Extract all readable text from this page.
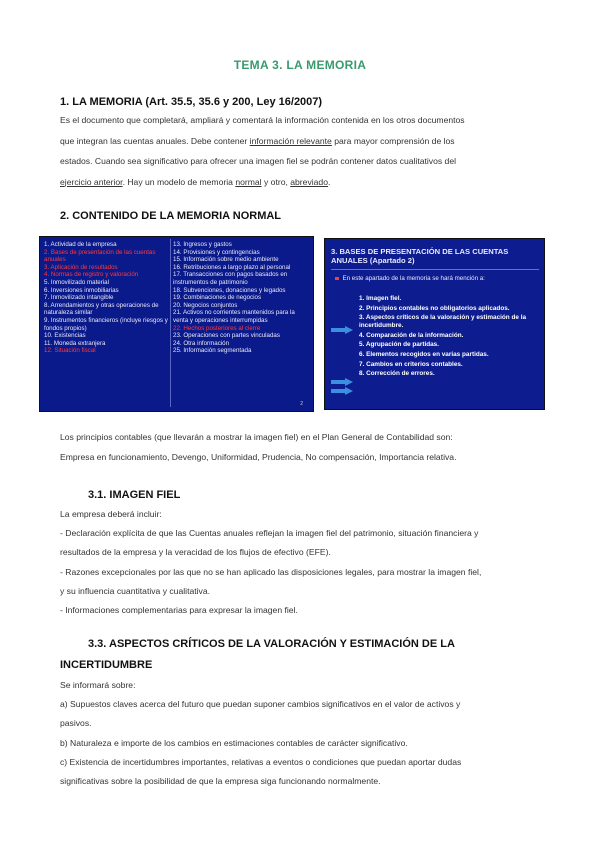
TEMA 3. LA MEMORIA
1. LA MEMORIA (Art. 35.5, 35.6 y 200, Ley 16/2007)
Es el documento que completará, ampliará y comentará la información contenida en los otros documentos
que integran las cuentas anuales. Debe contener información relevante para mayor comprensión de los
estados. Cuando sea significativo para ofrecer una imagen fiel se podrán contener datos cualitativos del
ejercicio anterior. Hay un modelo de memoria normal y otro, abreviado.
2. CONTENIDO DE LA MEMORIA NORMAL
1. Actividad de la empresa
2. Bases de presentación de las cuentas anuales
3. Aplicación de resultados
4. Normas de registro y valoración
5. Inmovilizado material
6. Inversiones inmobiliarias
7. Inmovilizado intangible
8. Arrendamientos y otras operaciones de naturaleza similar
9. Instrumentos financieros (incluye riesgos y fondos propios)
10. Existencias
11. Moneda extranjera
12. Situación fiscal
13. Ingresos y gastos
14. Provisiones y contingencias
15. Información sobre medio ambiente
16. Retribuciones a largo plazo al personal
17. Transacciones con pagos basados en instrumentos de patrimonio
18. Subvenciones, donaciones y legados
19. Combinaciones de negocios
20. Negocios conjuntos
21. Activos no corrientes mantenidos para la venta y operaciones interrumpidas
22. Hechos posteriores al cierre
23. Operaciones con partes vinculadas
24. Otra información
25. Información segmentada
2
3. BASES DE PRESENTACIÓN DE LAS CUENTAS ANUALES (Apartado 2)
En este apartado de la memoria se hará mención a:
1. Imagen fiel.
2. Principios contables no obligatorios aplicados.
3. Aspectos críticos de la valoración y estimación de la incertidumbre.
4. Comparación de la información.
5. Agrupación de partidas.
6. Elementos recogidos en varias partidas.
7. Cambios en criterios contables.
8. Corrección de errores.
Los principios contables (que llevarán a mostrar la imagen fiel) en el Plan General de Contabilidad son:
Empresa en funcionamiento, Devengo, Uniformidad, Prudencia, No compensación, Importancia relativa.
3.1. IMAGEN FIEL
La empresa deberá incluir:
- Declaración explícita de que las Cuentas anuales reflejan la imagen fiel del patrimonio, situación financiera y
resultados de la empresa y la veracidad de los flujos de efectivo (EFE).
- Razones excepcionales por las que no se han aplicado las disposiciones legales, para mostrar la imagen fiel,
y su influencia cuantitativa y cualitativa.
- Informaciones complementarias para expresar la imagen fiel.
3.3. ASPECTOS CRÍTICOS DE LA VALORACIÓN Y ESTIMACIÓN DE LA
INCERTIDUMBRE
Se informará sobre:
a) Supuestos claves acerca del futuro que puedan suponer cambios significativos en el valor de activos y
pasivos.
b) Naturaleza e importe de los cambios en estimaciones contables de carácter significativo.
c) Existencia de incertidumbres importantes, relativas a eventos o condiciones que puedan aportar dudas
significativas sobre la posibilidad de que la empresa siga funcionando normalmente.
